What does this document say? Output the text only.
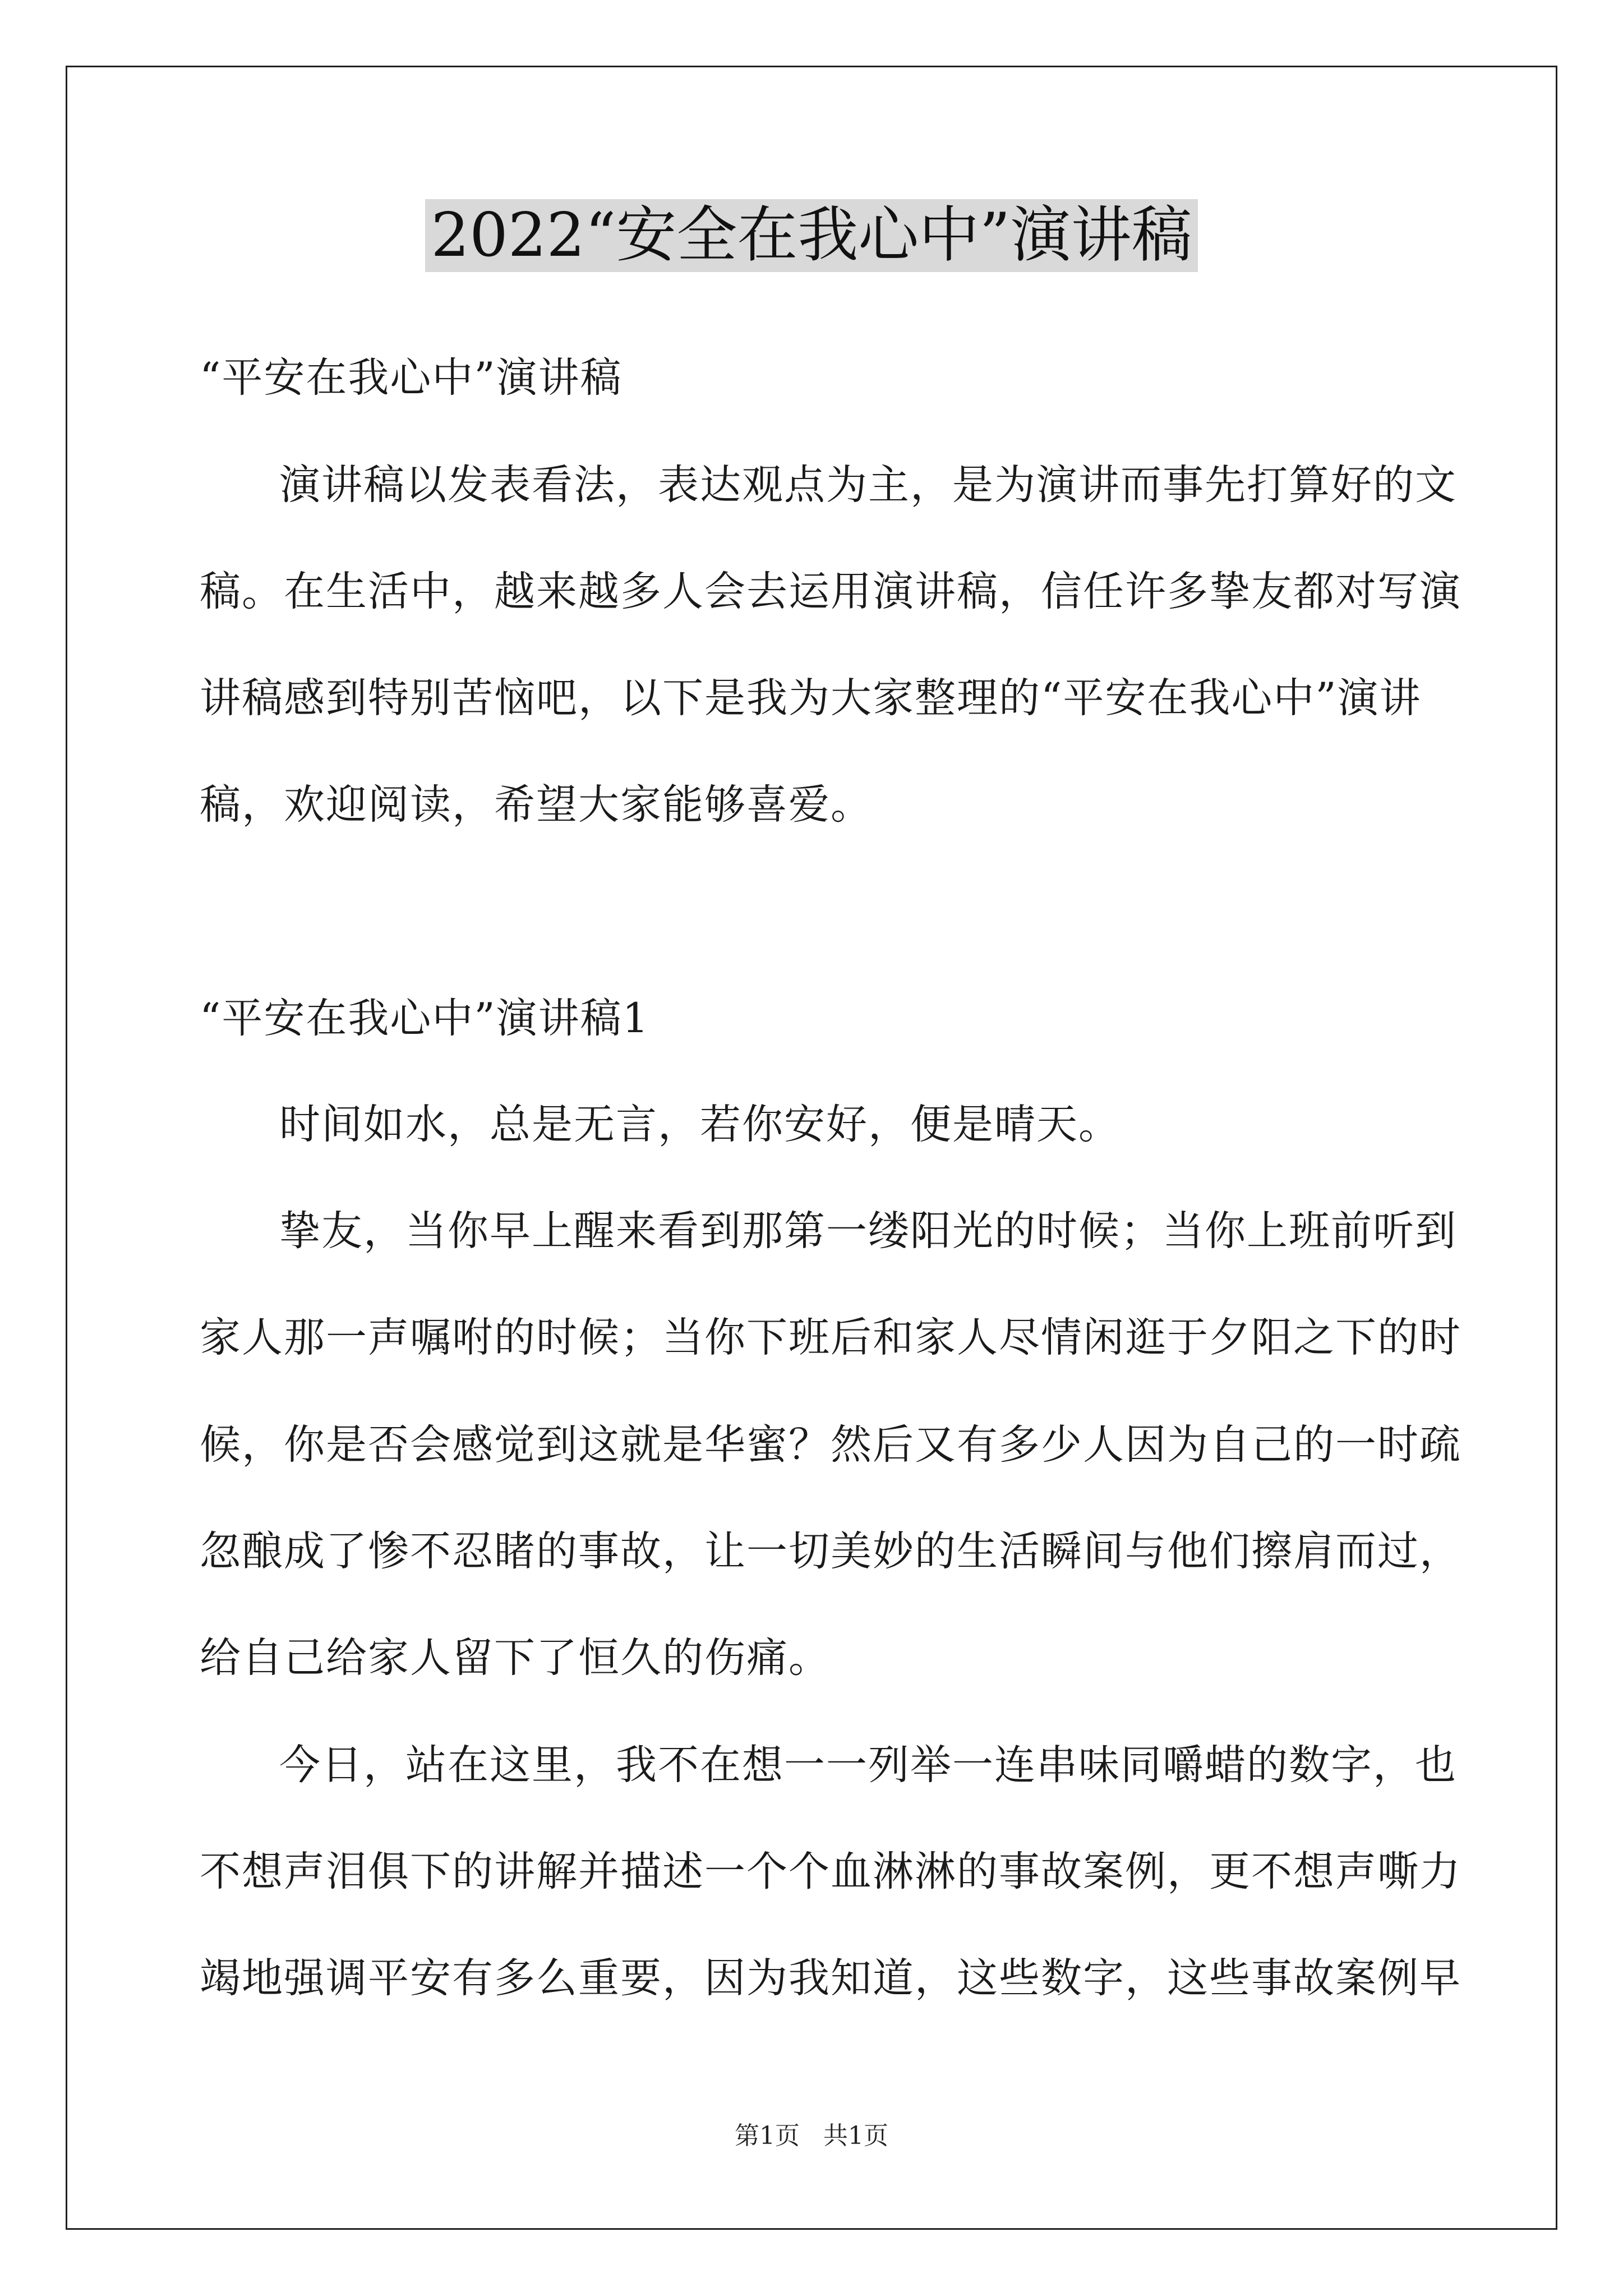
2022“安全在我心中”演讲稿
“平安在我心中”演讲稿
演讲稿以发表看法，表达观点为主，是为演讲而事先打算好的文
稿。在生活中，越来越多人会去运用演讲稿，信任许多挚友都对写演
讲稿感到特别苦恼吧，以下是我为大家整理的“平安在我心中”演讲
稿，欢迎阅读，希望大家能够喜爱。
“平安在我心中”演讲稿1
时间如水，总是无言，若你安好，便是晴天。
挚友，当你早上醒来看到那第一缕阳光的时候；当你上班前听到
家人那一声嘱咐的时候；当你下班后和家人尽情闲逛于夕阳之下的时
候，你是否会感觉到这就是华蜜？然后又有多少人因为自己的一时疏
忽酿成了惨不忍睹的事故，让一切美妙的生活瞬间与他们擦肩而过，
给自己给家人留下了恒久的伤痛。
今日，站在这里，我不在想一一列举一连串味同嚼蜡的数字，也
不想声泪俱下的讲解并描述一个个血淋淋的事故案例，更不想声嘶力
竭地强调平安有多么重要，因为我知道，这些数字，这些事故案例早
第1页 共1页
